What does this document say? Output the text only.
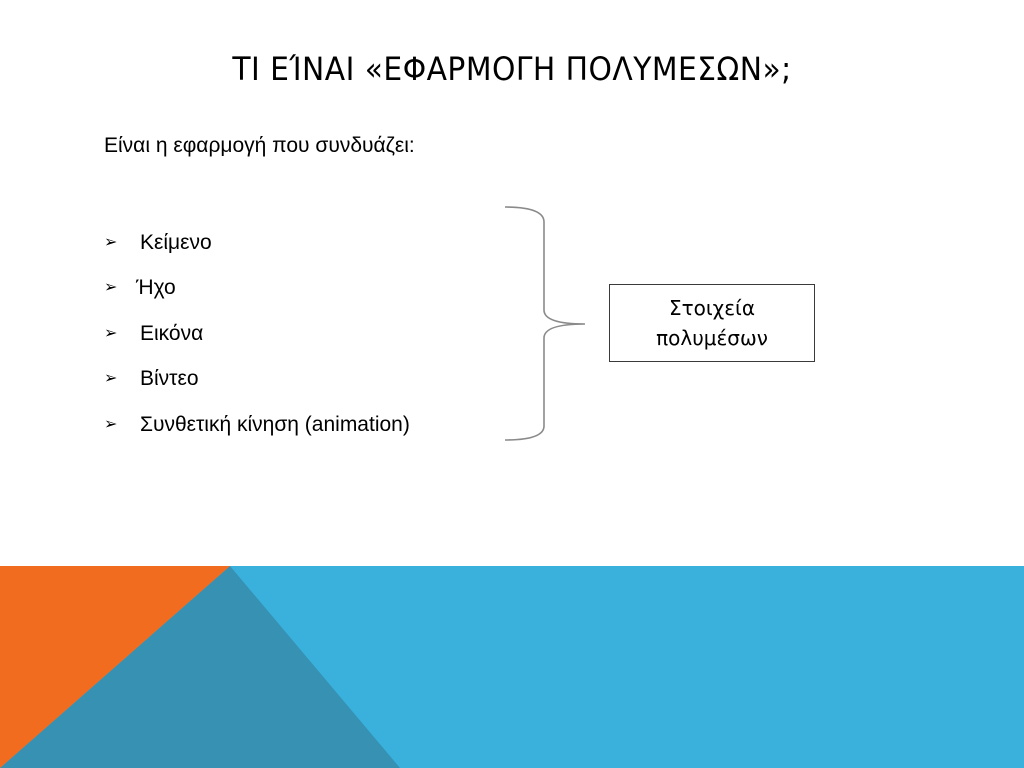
ΤΙ ΕΊΝΑΙ «ΕΦΑΡΜΟΓΗ ΠΟΛΥΜΕΣΩΝ»;
Είναι η εφαρμογή που συνδυάζει:
➢	Κείμενο
➢ Ήχο
➢	Εικόνα
➢	Βίντεο
➢	Συνθετική κίνηση (animation)
Στοιχεία
πολυμέσων
